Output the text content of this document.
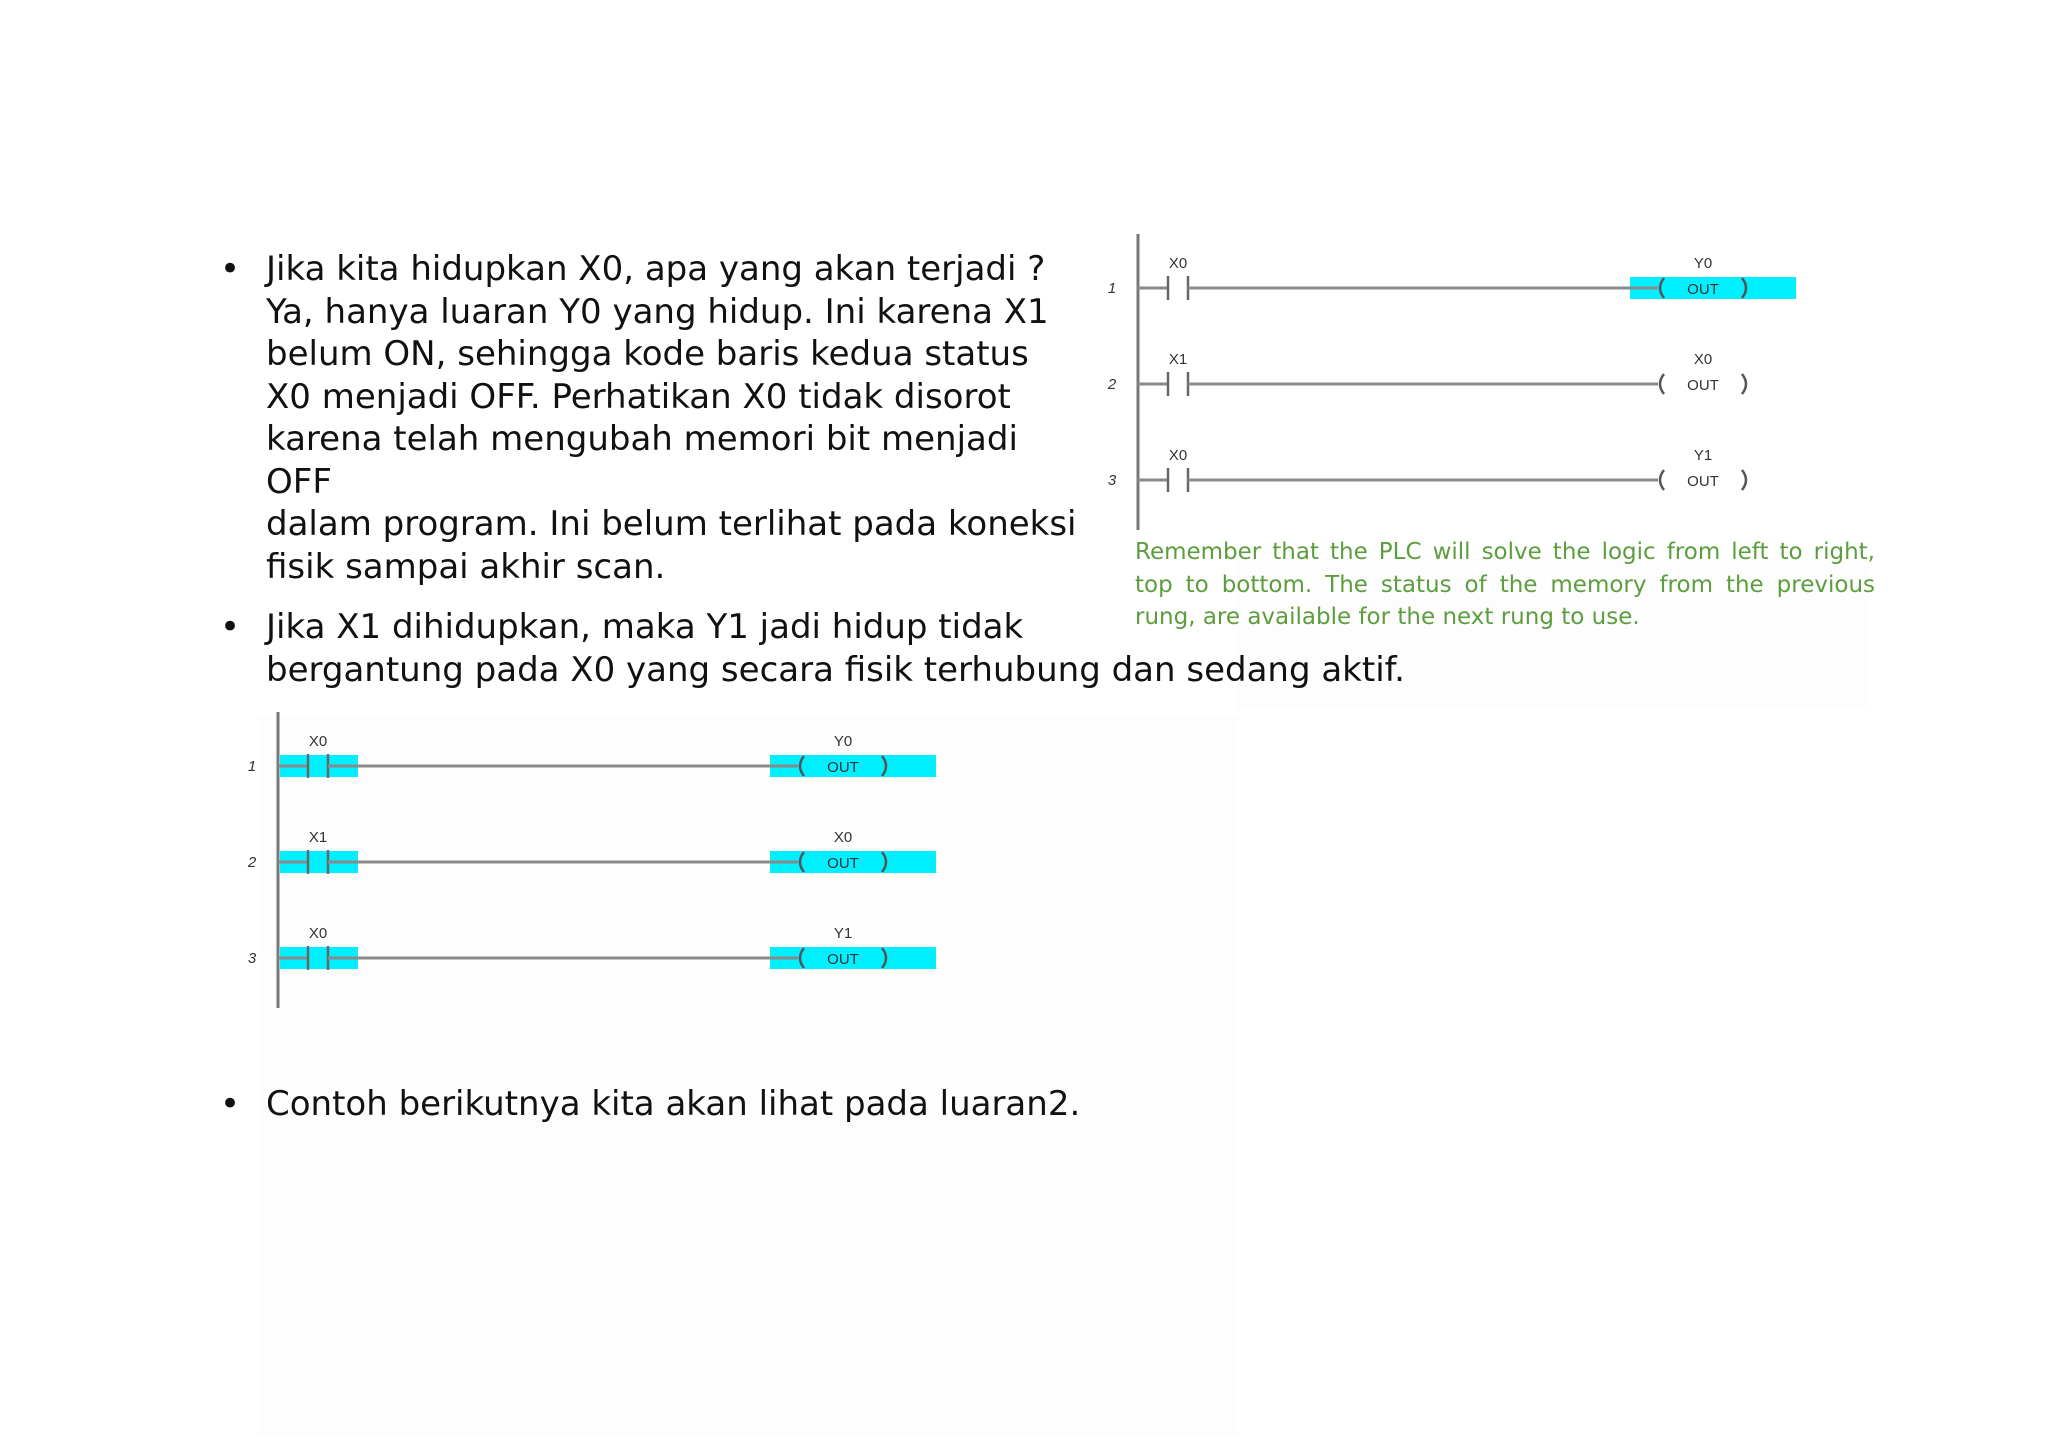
• Jika kita hidupkan X0, apa yang akan terjadi ?
Ya, hanya luaran Y0 yang hidup. Ini karena X1
belum ON, sehingga kode baris kedua status
X0 menjadi OFF. Perhatikan X0 tidak disorot
karena telah mengubah memori bit menjadi OFF
dalam program. Ini belum terlihat pada koneksi
fisik sampai akhir scan.
1
X0
OUT
Y0
2
X1
OUT
X0
3
X0
OUT
Y1
Remember that the PLC will solve the logic from left to right, top to bottom. The status of the memory from the previous rung, are available for the next rung to use.
• Jika X1 dihidupkan, maka Y1 jadi hidup tidak
bergantung pada X0 yang secara fisik terhubung dan sedang aktif.
1
X0
OUT
Y0
2
X1
OUT
X0
3
X0
OUT
Y1
• Contoh berikutnya kita akan lihat pada luaran2.
